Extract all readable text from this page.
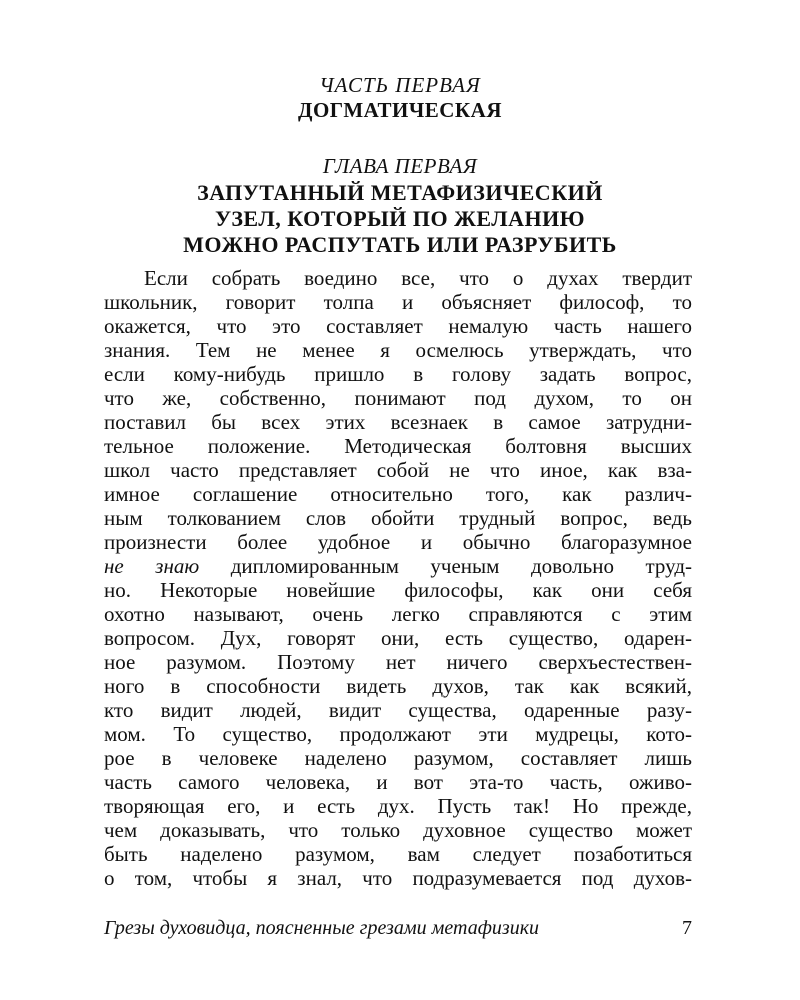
ЧАСТЬ ПЕРВАЯ
ДОГМАТИЧЕСКАЯ
ГЛАВА ПЕРВАЯ
ЗАПУТАННЫЙ МЕТАФИЗИЧЕСКИЙ
УЗЕЛ, КОТОРЫЙ ПО ЖЕЛАНИЮ
МОЖНО РАСПУТАТЬ ИЛИ РАЗРУБИТЬ
Если собрать воедино все, что о духах твердит
школьник, говорит толпа и объясняет философ, то
окажется, что это составляет немалую часть нашего
знания. Тем не менее я осмелюсь утверждать, что
если кому-нибудь пришло в голову задать вопрос,
что же, собственно, понимают под духом, то он
поставил бы всех этих всезнаек в самое затрудни-
тельное положение. Методическая болтовня высших
школ часто представляет собой не что иное, как вза-
имное соглашение относительно того, как различ-
ным толкованием слов обойти трудный вопрос, ведь
произнести более удобное и обычно благоразумное
не знаю дипломированным ученым довольно труд-
но. Некоторые новейшие философы, как они себя
охотно называют, очень легко справляются с этим
вопросом. Дух, говорят они, есть существо, одарен-
ное разумом. Поэтому нет ничего сверхъестествен-
ного в способности видеть духов, так как всякий,
кто видит людей, видит существа, одаренные разу-
мом. То существо, продолжают эти мудрецы, кото-
рое в человеке наделено разумом, составляет лишь
часть самого человека, и вот эта-то часть, оживо-
творяющая его, и есть дух. Пусть так! Но прежде,
чем доказывать, что только духовное существо может
быть наделено разумом, вам следует позаботиться
о том, чтобы я знал, что подразумевается под духов-
Грезы духовидца, поясненные грезами метафизики	7
